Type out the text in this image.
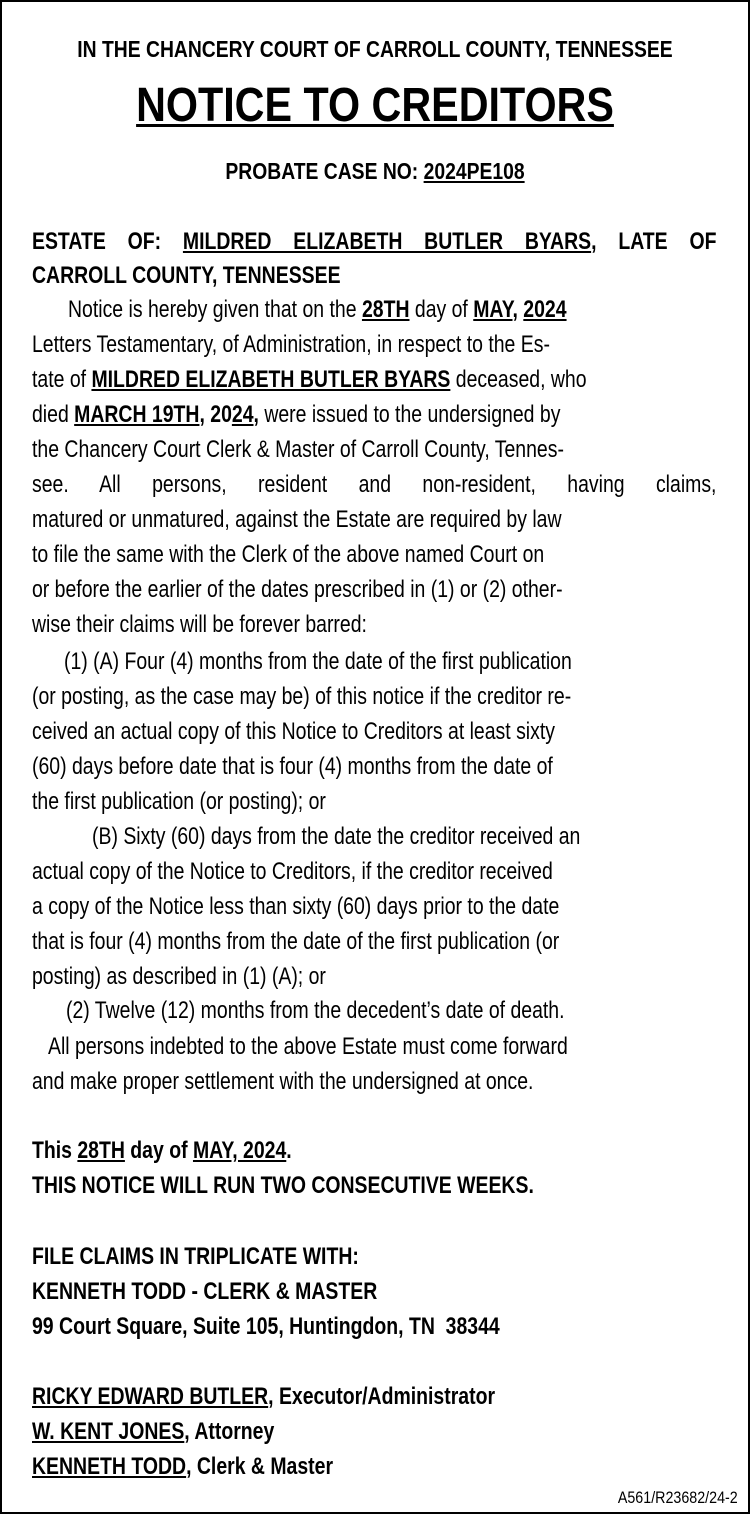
IN THE CHANCERY COURT OF CARROLL COUNTY, TENNESSEE
NOTICE TO CREDITORS
PROBATE CASE NO: 2024PE108
ESTATE OF: MILDRED ELIZABETH BUTLER BYARS, LATE OF
CARROLL COUNTY, TENNESSEE
Notice is hereby given that on the 28TH day of MAY, 2024
Letters Testamentary, of Administration, in respect to the Es-
tate of MILDRED ELIZABETH BUTLER BYARS deceased, who
died MARCH 19TH, 2024, were issued to the undersigned by
the Chancery Court Clerk & Master of Carroll County, Tennes-
see. All persons, resident and non-resident, having claims,
matured or unmatured, against the Estate are required by law
to file the same with the Clerk of the above named Court on
or before the earlier of the dates prescribed in (1) or (2) other-
wise their claims will be forever barred:
(1) (A) Four (4) months from the date of the first publication
(or posting, as the case may be) of this notice if the creditor re-
ceived an actual copy of this Notice to Creditors at least sixty
(60) days before date that is four (4) months from the date of
the first publication (or posting); or
(B) Sixty (60) days from the date the creditor received an
actual copy of the Notice to Creditors, if the creditor received
a copy of the Notice less than sixty (60) days prior to the date
that is four (4) months from the date of the first publication (or
posting) as described in (1) (A); or
(2) Twelve (12) months from the decedent’s date of death.
All persons indebted to the above Estate must come forward
and make proper settlement with the undersigned at once.
This 28TH day of MAY, 2024.
THIS NOTICE WILL RUN TWO CONSECUTIVE WEEKS.
FILE CLAIMS IN TRIPLICATE WITH:
KENNETH TODD - CLERK & MASTER
99 Court Square, Suite 105, Huntingdon, TN  38344
RICKY EDWARD BUTLER, Executor/Administrator
W. KENT JONES, Attorney
KENNETH TODD, Clerk & Master
A561/R23682/24-2
